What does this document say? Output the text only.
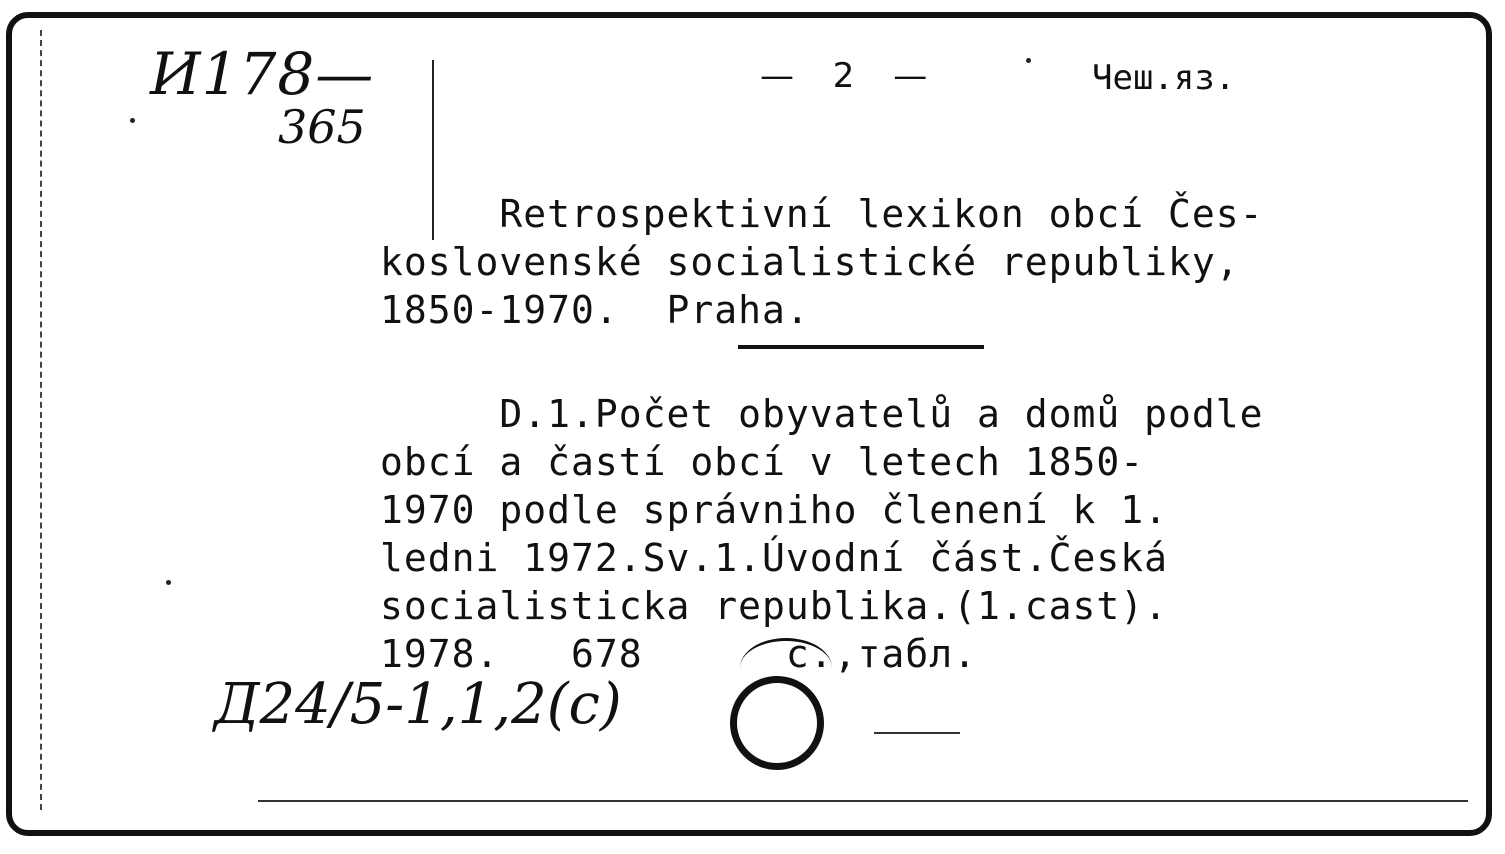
И178—
365
— 2 —	Чеш.яз.
Retrospektivní lexikon obcí Čes-
koslovenské socialistické republiky,
1850-1970.  Praha.
D.1.Počet obyvatelů a domů podle
obcí a častí obcí v letech 1850-
1970 podle správniho členení k 1.
ledni 1972.Sv.1.Úvodní část.Česká
socialisticka republika.(1.cast).
1978.   678      с.,табл.
Д24/5-1,1,2(с)
